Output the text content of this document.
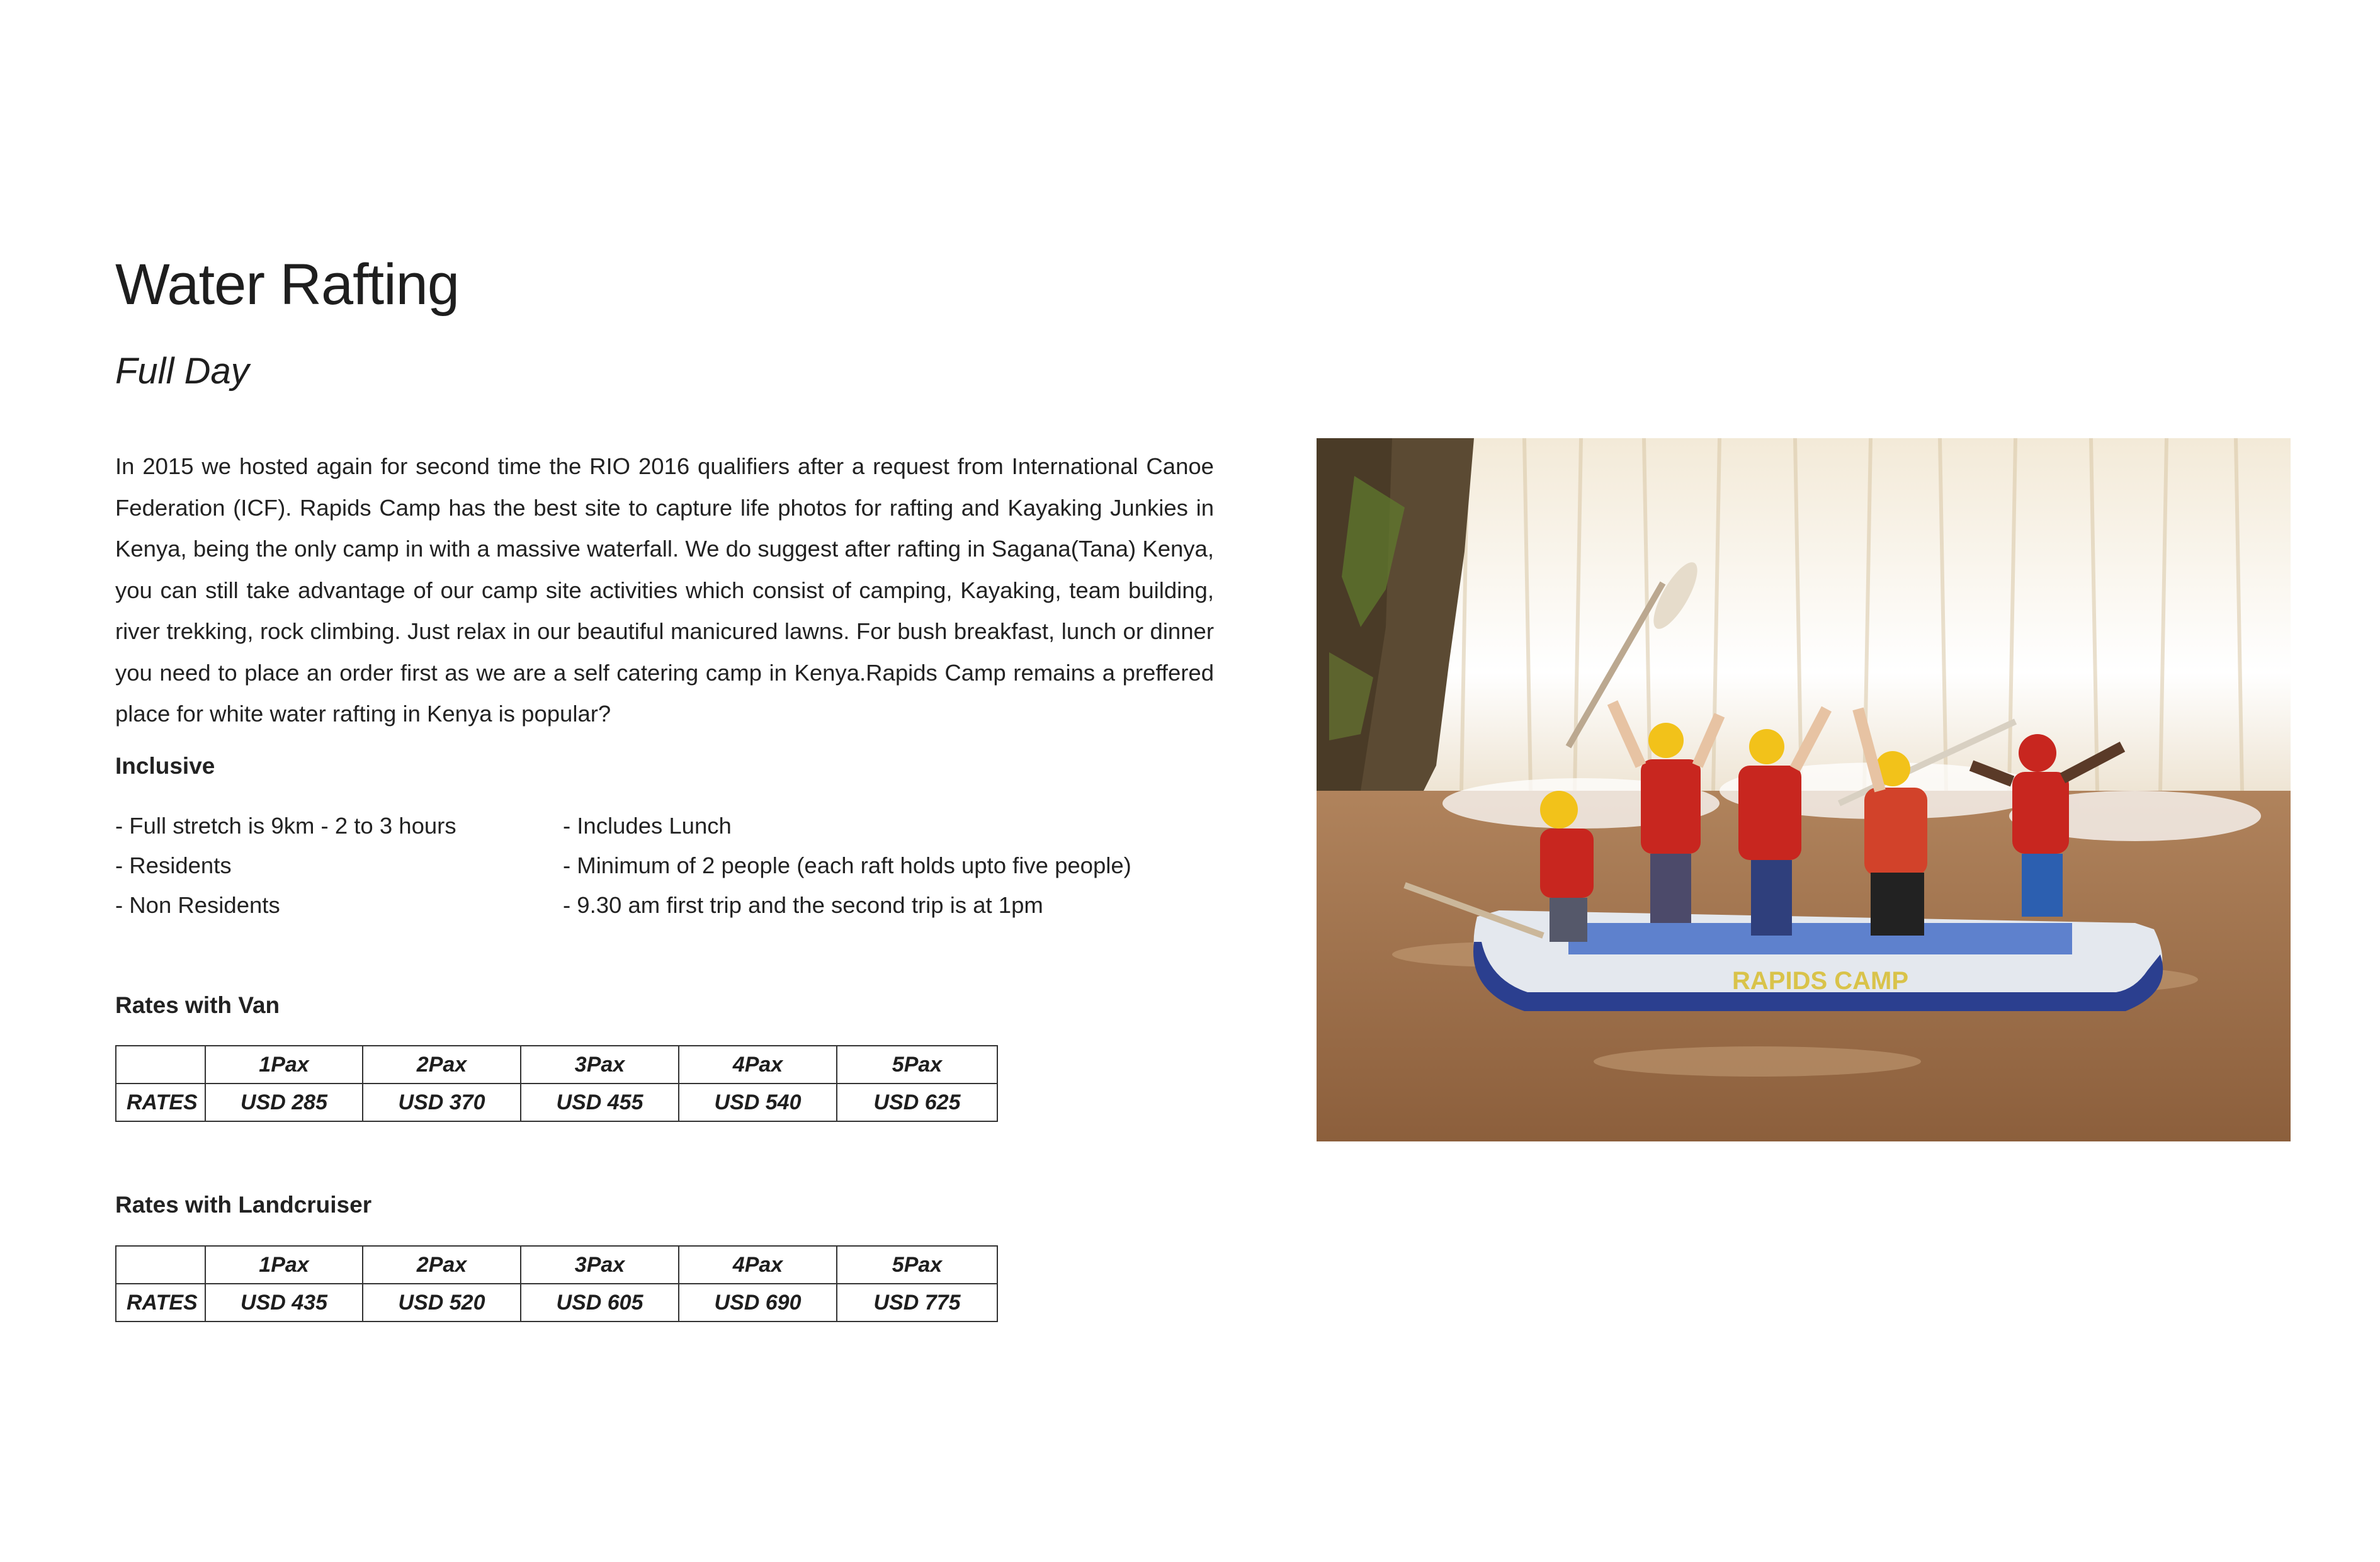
Water Rafting
Full Day
In 2015 we hosted again for second time the RIO 2016 qualifiers after a request from International Canoe Federation (ICF). Rapids Camp has the best site to capture life photos for rafting and Kayaking Junkies in Kenya, being the only camp in with a massive waterfall. We do suggest after rafting in Sagana(Tana) Kenya, you can still take advantage of our camp site activities which consist of camping, Kayaking, team building, river trekking, rock climbing. Just relax in our beautiful manicured lawns. For bush breakfast, lunch or dinner you need to place an order first as we are a self catering camp in Kenya.Rapids Camp remains a preffered place for white water rafting in Kenya is popular?
Inclusive
- Full stretch is 9km - 2 to 3 hours
- Residents
- Non Residents
- Includes Lunch
- Minimum of 2 people (each raft holds upto five people)
- 9.30 am first trip and the second trip is at 1pm
Rates with Van
	1Pax	2Pax	3Pax	4Pax	5Pax
RATES	USD 285	USD 370	USD 455	USD 540	USD 625
Rates with Landcruiser
	1Pax	2Pax	3Pax	4Pax	5Pax
RATES	USD 435	USD 520	USD 605	USD 690	USD 775
RAPIDS CAMP
